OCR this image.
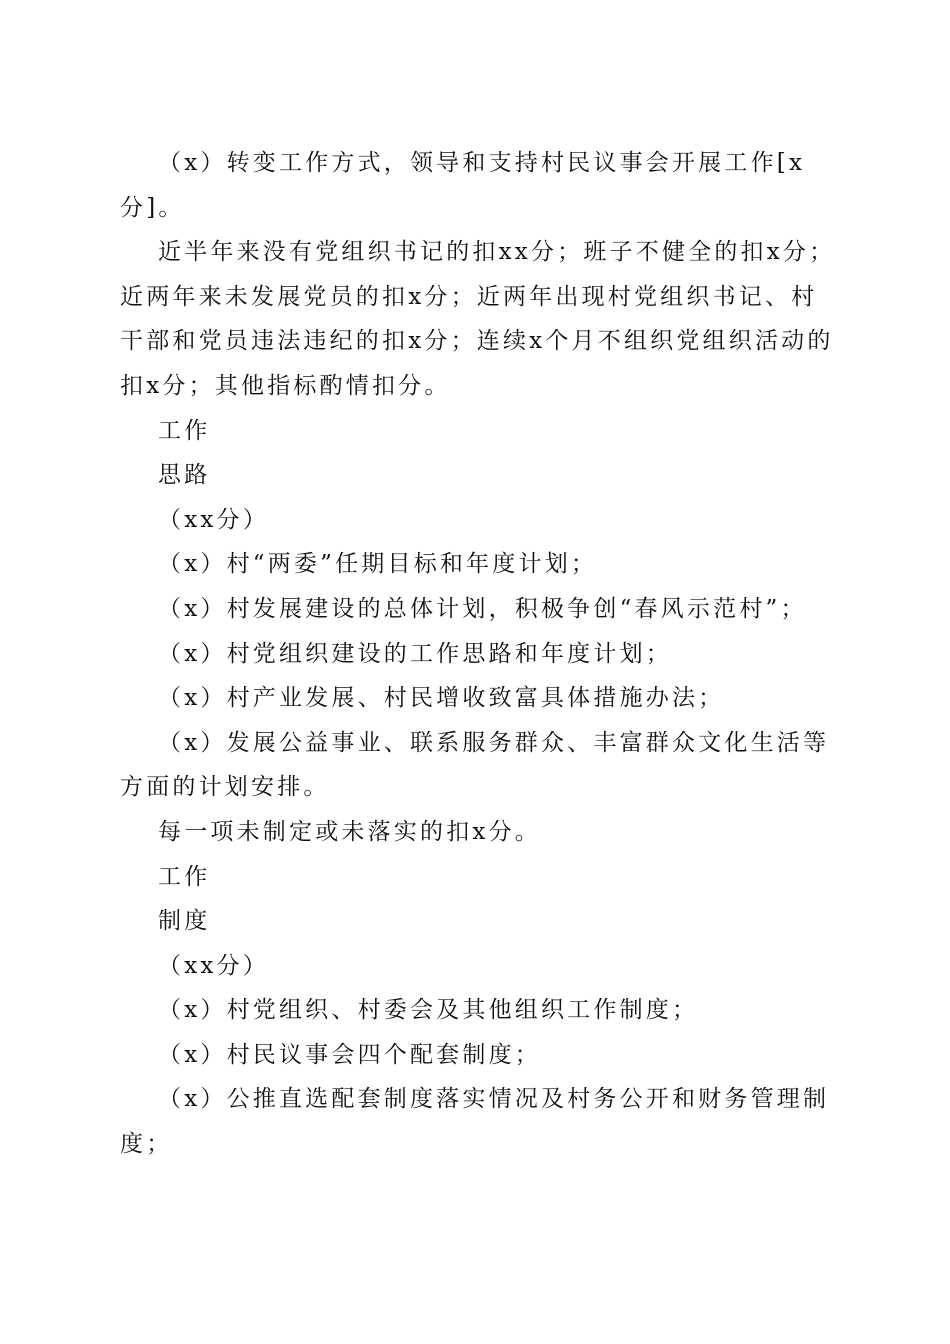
（x）转变工作方式，领导和支持村民议事会开展工作[x分]。

近半年来没有党组织书记的扣xx分；班子不健全的扣x分；近两年来未发展党员的扣x分；近两年出现村党组织书记、村干部和党员违法违纪的扣x分；连续x个月不组织党组织活动的扣x分；其他指标酌情扣分。

工作

思路

（xx分）

（x）村“两委”任期目标和年度计划；

（x）村发展建设的总体计划，积极争创“春风示范村”；

（x）村党组织建设的工作思路和年度计划；

（x）村产业发展、村民增收致富具体措施办法；

（x）发展公益事业、联系服务群众、丰富群众文化生活等方面的计划安排。

每一项未制定或未落实的扣x分。

工作

制度

（xx分）

（x）村党组织、村委会及其他组织工作制度；

（x）村民议事会四个配套制度；

（x）公推直选配套制度落实情况及村务公开和财务管理制度；
